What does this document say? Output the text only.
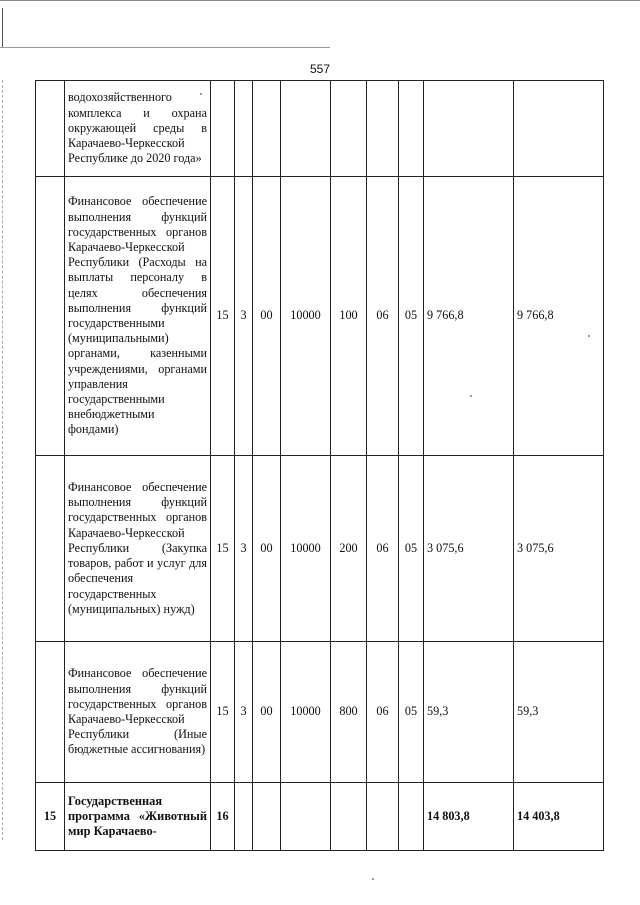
557
	водохозяйственного комплекса и охрана окружающей среды в Карачаево-Черкесской Республике до 2020 года»									
	Финансовое обеспечение выполнения функций государственных органов Карачаево-Черкесской Республики (Расходы на выплаты персоналу в целях обеспечения выполнения функций государственными (муниципальными) органами, казенными учреждениями, органами управления государственными внебюджетными фондами)	15	3	00	10000	100	06	05	9 766,8	9 766,8
	Финансовое обеспечение выполнения функций государственных органов Карачаево-Черкесской Республики (Закупка товаров, работ и услуг для обеспечения государственных (муниципальных) нужд)	15	3	00	10000	200	06	05	3 075,6	3 075,6
	Финансовое обеспечение выполнения функций государственных органов Карачаево-Черкесской Республики (Иные бюджетные ассигнования)	15	3	00	10000	800	06	05	59,3	59,3
15	Государственная программа «Животный мир Карачаево-	16							14 803,8	14 403,8
